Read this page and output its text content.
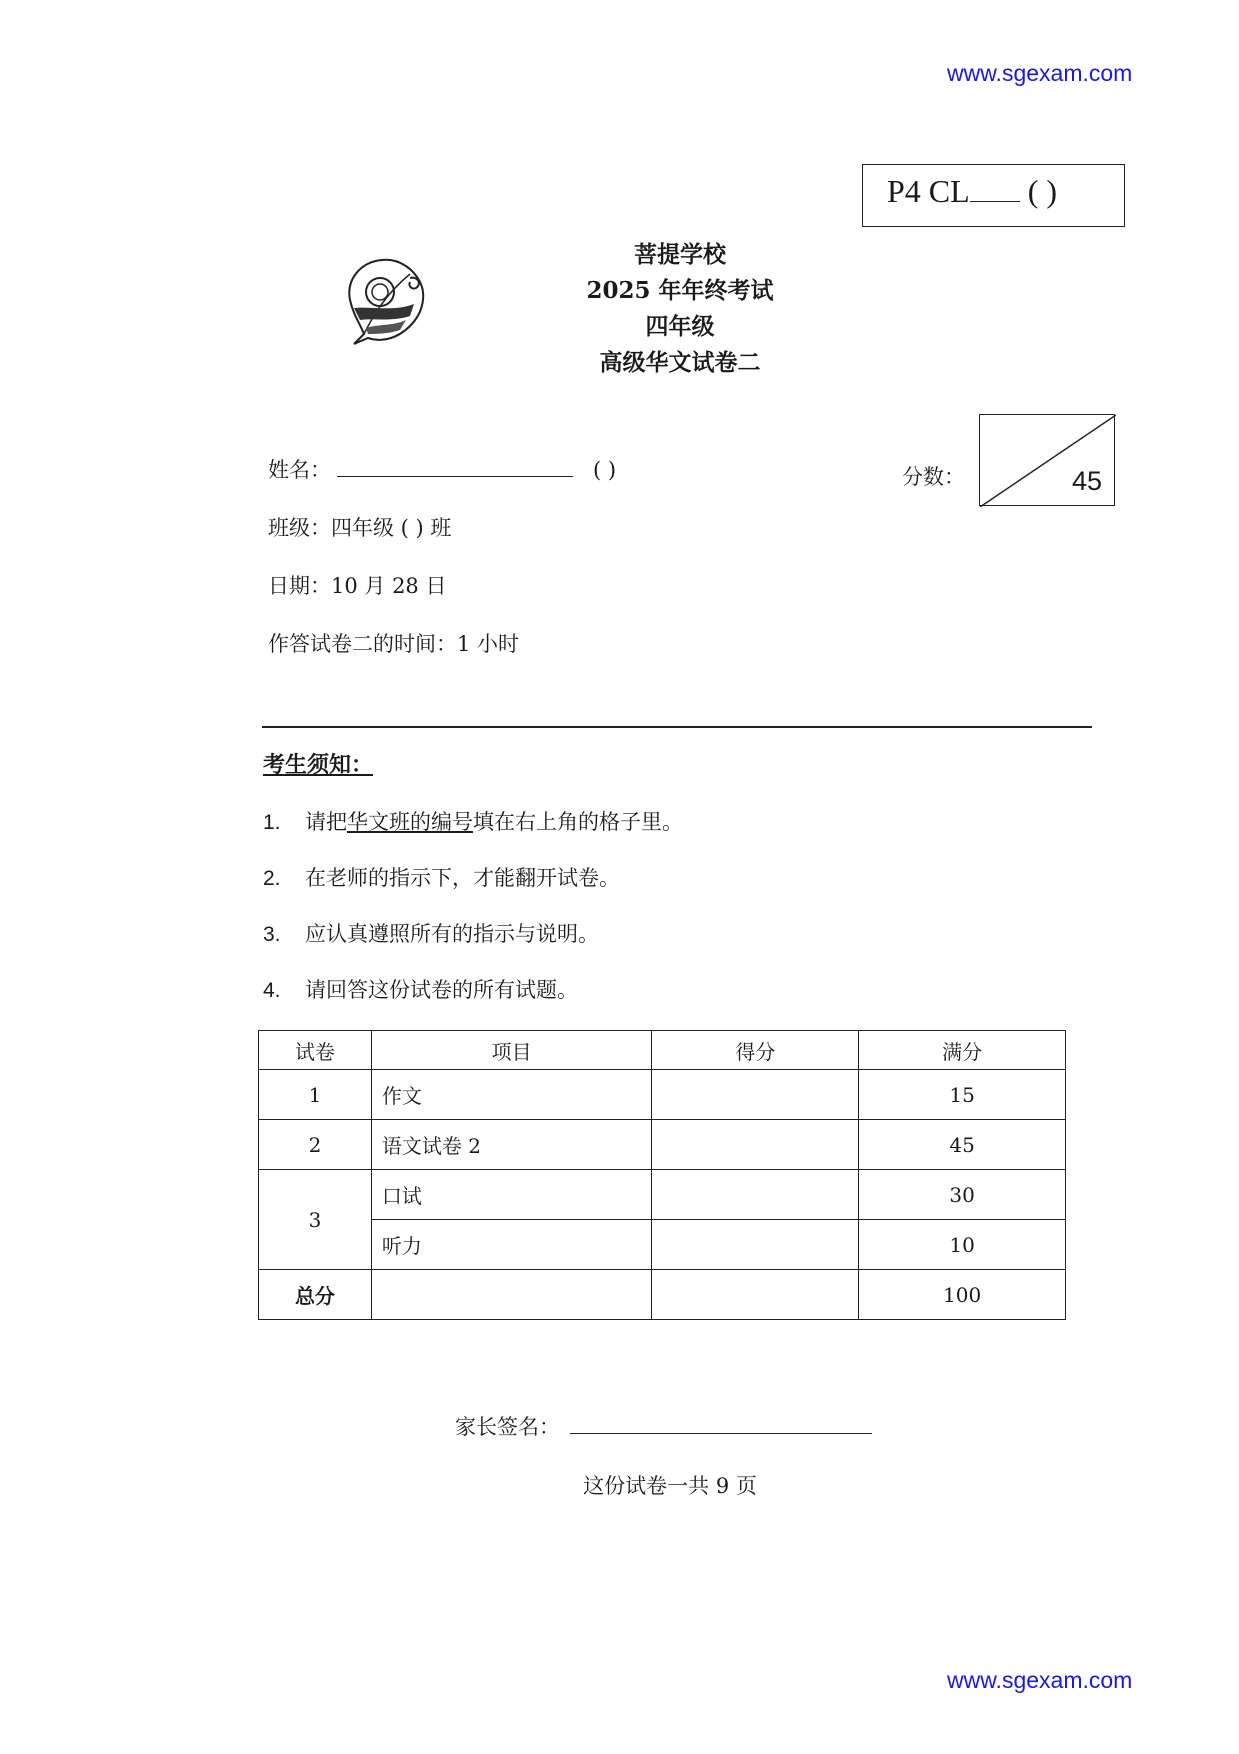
www.sgexam.com
P4 CL ( )
菩提学校
2025 年年终考试
四年级
高级华文试卷二
姓名：	( )
班级：四年级 ( ) 班
日期：10 月 28 日
作答试卷二的时间：1 小时
分数：	45
考生须知：
1. 请把华文班的编号填在右上角的格子里。
2. 在老师的指示下，才能翻开试卷。
3. 应认真遵照所有的指示与说明。
4. 请回答这份试卷的所有试题。
试卷	项目	得分	满分
1	作文		15
2	语文试卷 2		45
3	口试		30
	听力		10
总分			100
家长签名：
这份试卷一共 9 页
www.sgexam.com
